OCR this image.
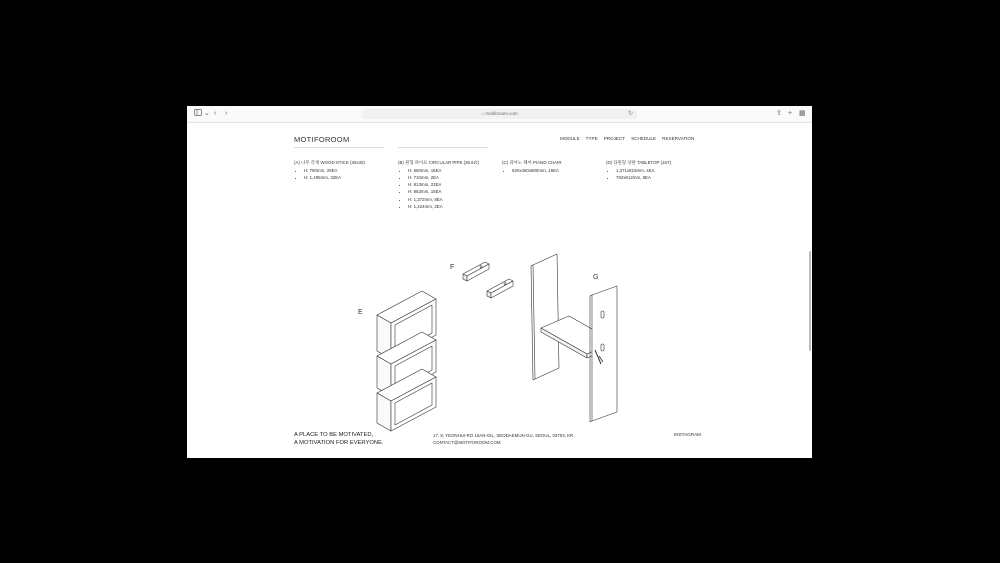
⌄ ‹ ›	⌂ motiforoom.com	↻	⇪ + ▦
MOTIFOROOM	MODULE TYPE PROJECT SCHEDULE RESERVATION
(A) 나무 각재 WOOD STICK (30x30)
• H: 790mm, 25EA
• H: 1,495mm, 32EA
(B) 원형 파이프 CIRCULAR PIPE (26.6∅)
• H: 660mm, 16EA
• H: 710mm, 2EA
• H: 813mm, 22EA
• H: 863mm, 16EA
• H: 1,372mm, 8EA
• H: 1,424mm, 2EA
(C) 피아노 체어 PIANO CHAIR
• 920x460x800mm, 16EA
(D) 타원형 상판 TABLETOP (15T)
• 1,371x815mm, 4EA
• 762x612mm, 8EA
E
F
G
A PLACE TO BE MOTIVATED,
A MOTIVATION FOR EVERYONE.
17, 8, YEONHUI-RO 15AN-GIL, SEODAEMUN-GU, SEOUL, 03703, KR
CONTACT@MOTIFOROOM.COM
INSTAGRAM
